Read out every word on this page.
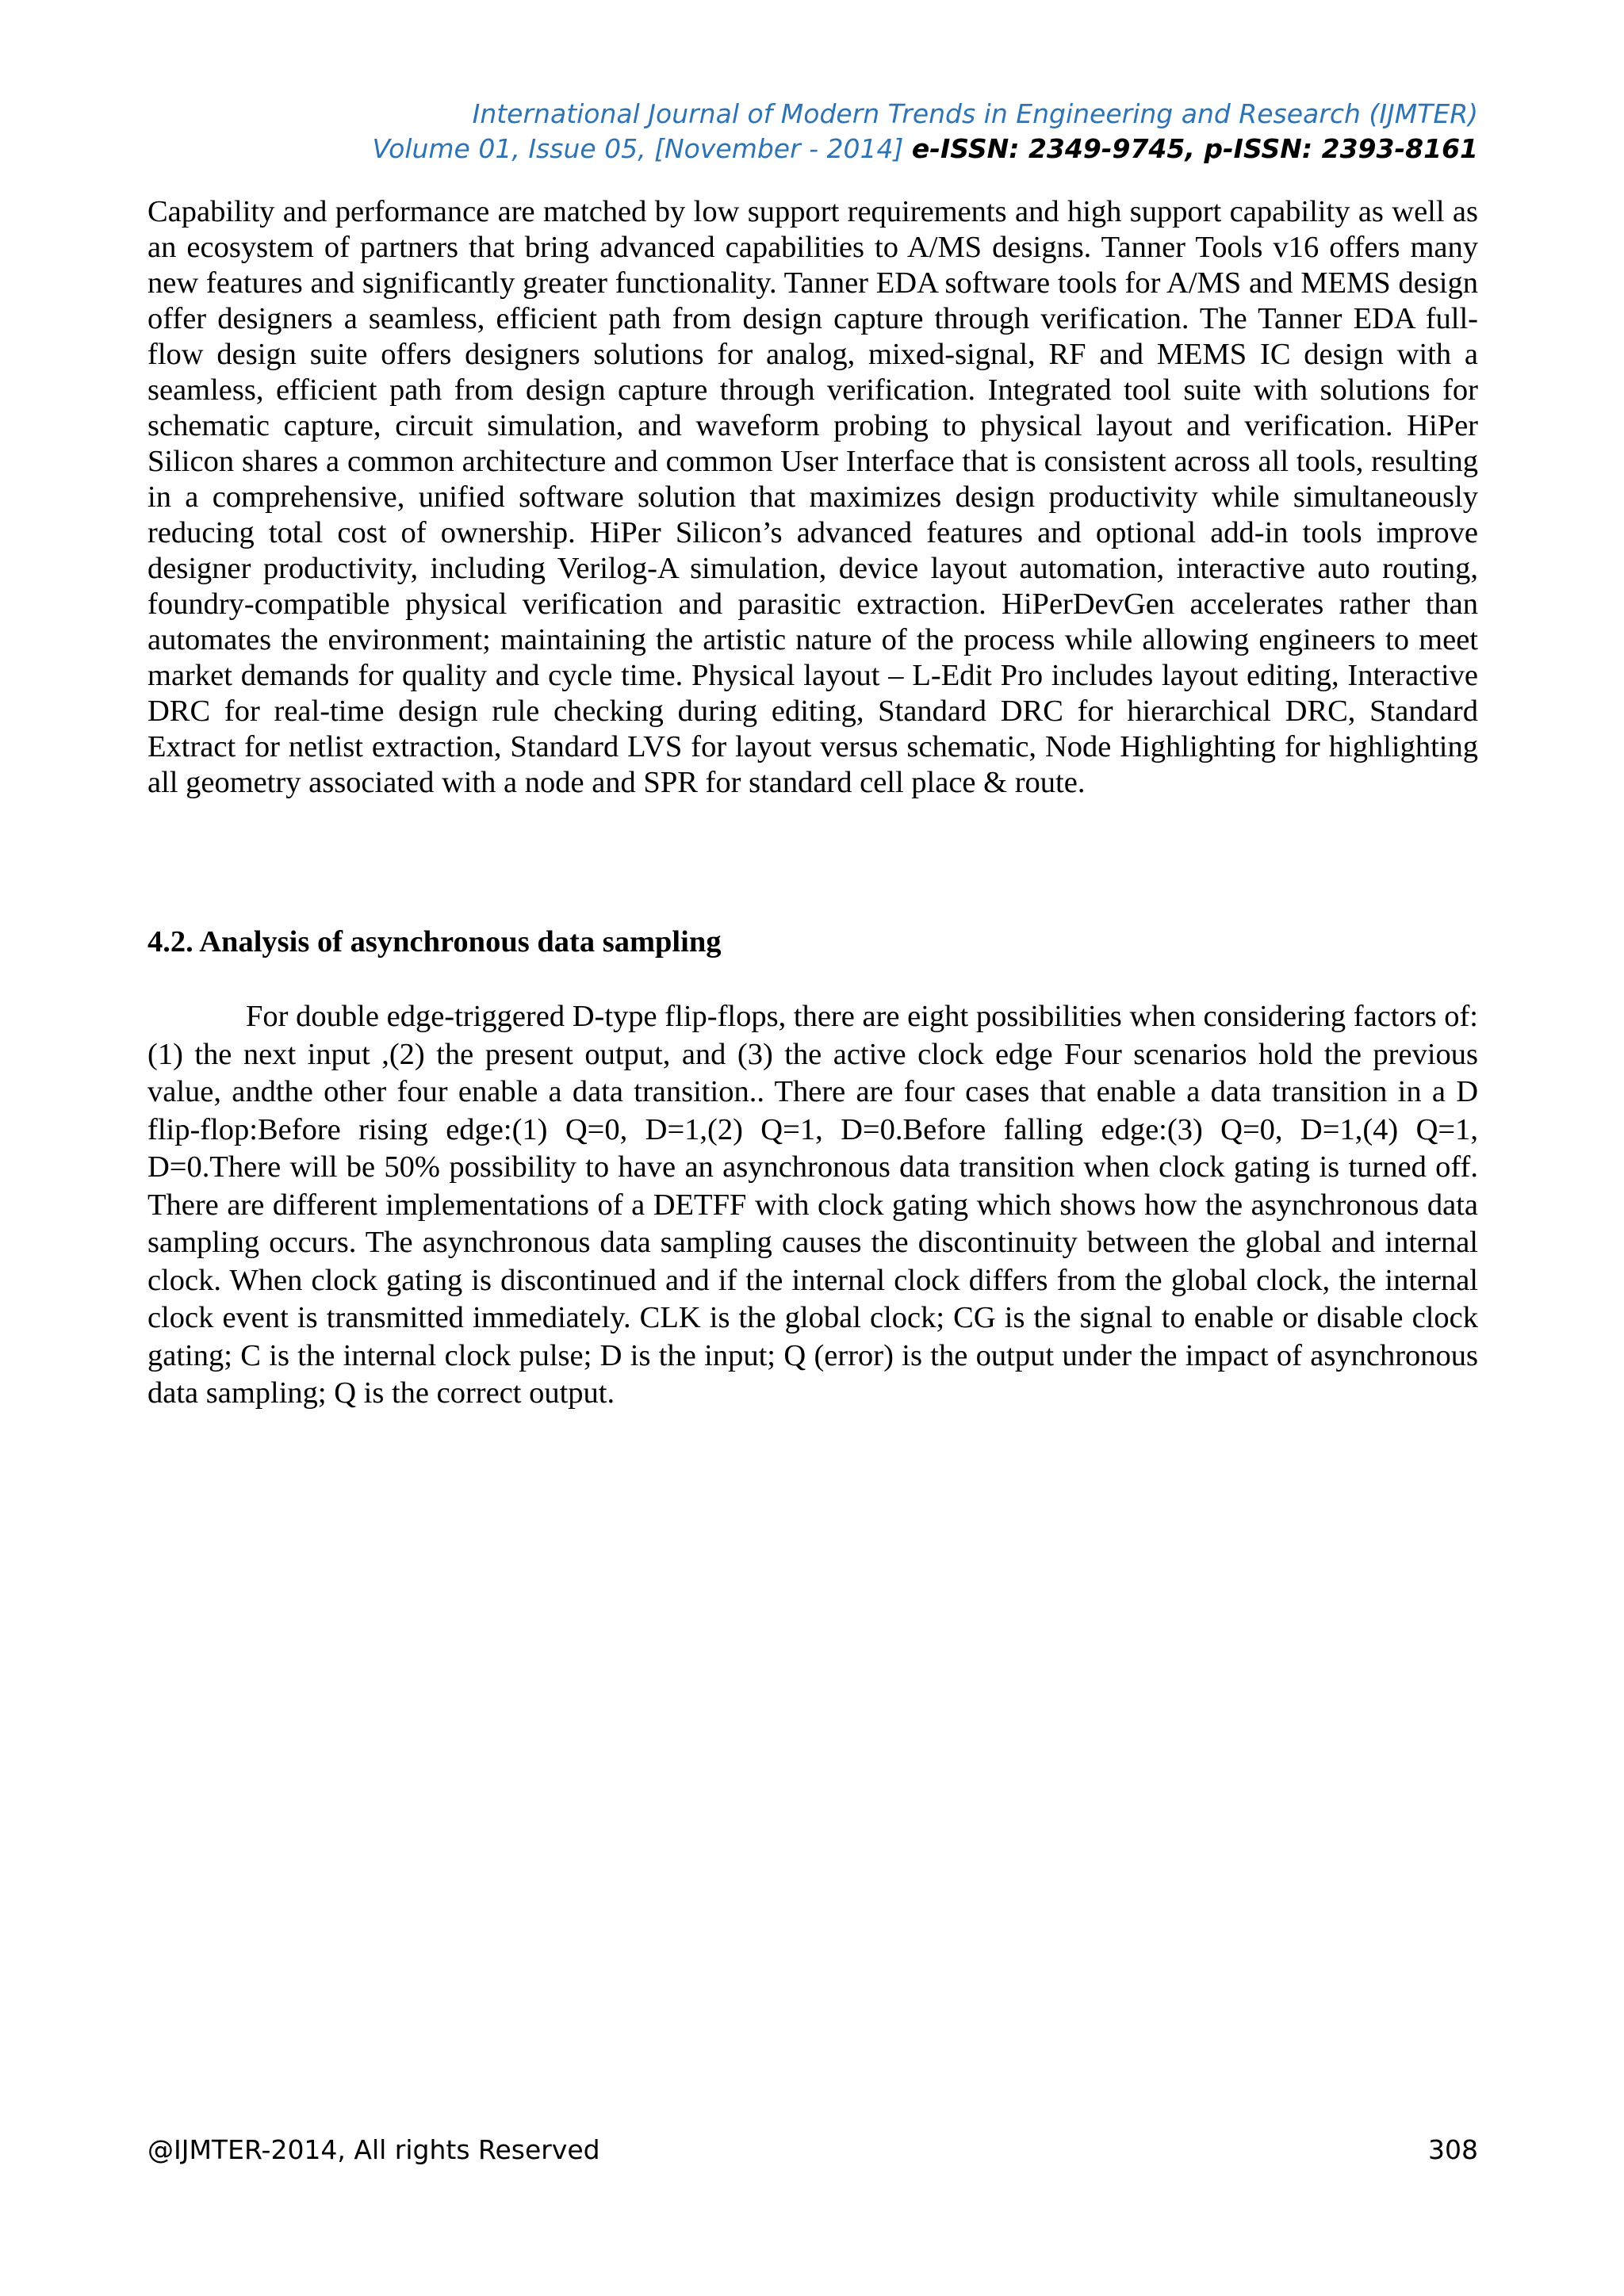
International Journal of Modern Trends in Engineering and Research (IJMTER)
Volume 01, Issue 05, [November - 2014] e-ISSN: 2349-9745, p-ISSN: 2393-8161

Capability and performance are matched by low support requirements and high support capability as well as an ecosystem of partners that bring advanced capabilities to A/MS designs. Tanner Tools v16 offers many new features and significantly greater functionality. Tanner EDA software tools for A/MS and MEMS design offer designers a seamless, efficient path from design capture through verification. The Tanner EDA full-flow design suite offers designers solutions for analog, mixed-signal, RF and MEMS IC design with a seamless, efficient path from design capture through verification. Integrated tool suite with solutions for schematic capture, circuit simulation, and waveform probing to physical layout and verification. HiPer Silicon shares a common architecture and common User Interface that is consistent across all tools, resulting in a comprehensive, unified software solution that maximizes design productivity while simultaneously reducing total cost of ownership. HiPer Silicon’s advanced features and optional add-in tools improve designer productivity, including Verilog-A simulation, device layout automation, interactive auto routing, foundry-compatible physical verification and parasitic extraction. HiPerDevGen accelerates rather than automates the environment; maintaining the artistic nature of the process while allowing engineers to meet market demands for quality and cycle time. Physical layout – L-Edit Pro includes layout editing, Interactive DRC for real-time design rule checking during editing, Standard DRC for hierarchical DRC, Standard Extract for netlist extraction, Standard LVS for layout versus schematic, Node Highlighting for highlighting all geometry associated with a node and SPR for standard cell place & route.

4.2. Analysis of asynchronous data sampling

For double edge-triggered D-type flip-flops, there are eight possibilities when considering factors of: (1) the next input ,(2) the present output, and (3) the active clock edge Four scenarios hold the previous value, andthe other four enable a data transition.. There are four cases that enable a data transition in a D flip-flop:Before rising edge:(1) Q=0, D=1,(2) Q=1, D=0.Before falling edge:(3) Q=0, D=1,(4) Q=1, D=0.There will be 50% possibility to have an asynchronous data transition when clock gating is turned off. There are different implementations of a DETFF with clock gating which shows how the asynchronous data sampling occurs. The asynchronous data sampling causes the discontinuity between the global and internal clock. When clock gating is discontinued and if the internal clock differs from the global clock, the internal clock event is transmitted immediately. CLK is the global clock; CG is the signal to enable or disable clock gating; C is the internal clock pulse; D is the input; Q (error) is the output under the impact of asynchronous data sampling; Q is the correct output.

@IJMTER-2014, All rights Reserved	308
